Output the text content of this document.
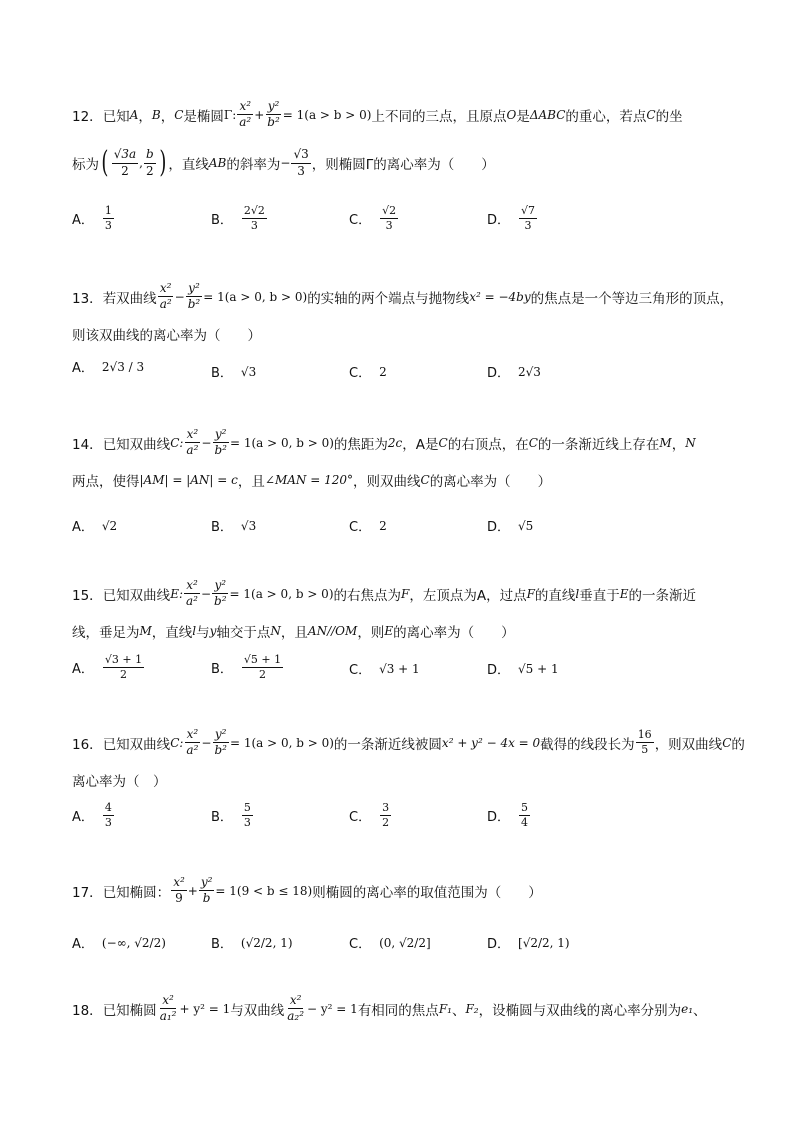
12． 已知 A ， B ， C 是椭圆 Γ: $\frac{\text{x²}}{\text{a²}} + \frac{\text{y²}}{\text{b²}} = 1(a > b > 0)$ 上不同的三点，且原点 O 是 ΔABC 的重心，若点 C 的坐
标为 ( $\frac{√3a}{2}$ , $\frac{b}{2}$ ) ，直线 AB 的斜率为 − $\frac{√3}{3}$ ，则椭圆Γ的离心率为（　　）
A． $\frac{1}{3}$	B． $\frac{2√2}{3}$	C． $\frac{√2}{3}$	D． $\frac{√7}{3}$
13． 若双曲线 $\frac{\text{x²}}{\text{a²}} - \frac{\text{y²}}{\text{b²}} = 1(a > 0$, b > 0) 的实轴的两个端点与抛物线 x² = −4by 的焦点是一个等边三角形的顶点，
则该双曲线的离心率为（　　）
A． 2√3 / 3	B． √3	C． 2	D． 2√3
14． 已知双曲线 C: $\frac{\text{x²}}{\text{a²}} - \frac{\text{y²}}{\text{b²}} = 1(a > 0$, b > 0) 的焦距为 2c ，A是 C 的右顶点，在 C 的一条渐近线上存在 M ， N
两点，使得 |AM| = |AN| = c ，且 ∠MAN = 120° ，则双曲线 C 的离心率为（　　）
A． √2	B． √3	C． 2	D． √5
15． 已知双曲线 E: $\frac{\text{x²}}{\text{a²}} - \frac{\text{y²}}{\text{b²}} = 1(a > 0$, b > 0) 的右焦点为 F ，左顶点为A，过点 F 的直线 l 垂直于 E 的一条渐近
线，垂足为 M ，直线 l 与 y 轴交于点 N ，且 AN//OM ，则 E 的离心率为（　　）
A． $\frac{√3 + 1}{2}$	B． $\frac{√5 + 1}{2}$	C． √3 + 1	D． √5 + 1
16． 已知双曲线 C: $\frac{\text{x²}}{\text{a²}} - \frac{\text{y²}}{\text{b²}} = 1(a > 0$, b > 0) 的一条渐近线被圆 x² + y² − 4x = 0 截得的线段长为 $\frac{16}{5}$ ，则双曲线 C 的
离心率为（　）
A． $\frac{4}{3}$	B． $\frac{5}{3}$	C． $\frac{3}{2}$	D． $\frac{5}{4}$
17． 已知椭圆： $\frac{\text{x²}}{9} + \frac{\text{y²}}{b} = 1(9 < b \le 18)$ 则椭圆的离心率的取值范围为（　　）
A． (−∞, √2/2)	B． (√2/2, 1)	C． (0, √2/2]	D． [√2/2, 1)
18． 已知椭圆 $\frac{\text{x²}}{\text{a₁²}} + y^2 = 1$ 与双曲线 $\frac{\text{x²}}{\text{a₂²}} - y^2 = 1$ 有相同的焦点 F₁ 、 F₂ ，设椭圆与双曲线的离心率分别为 e₁ 、
